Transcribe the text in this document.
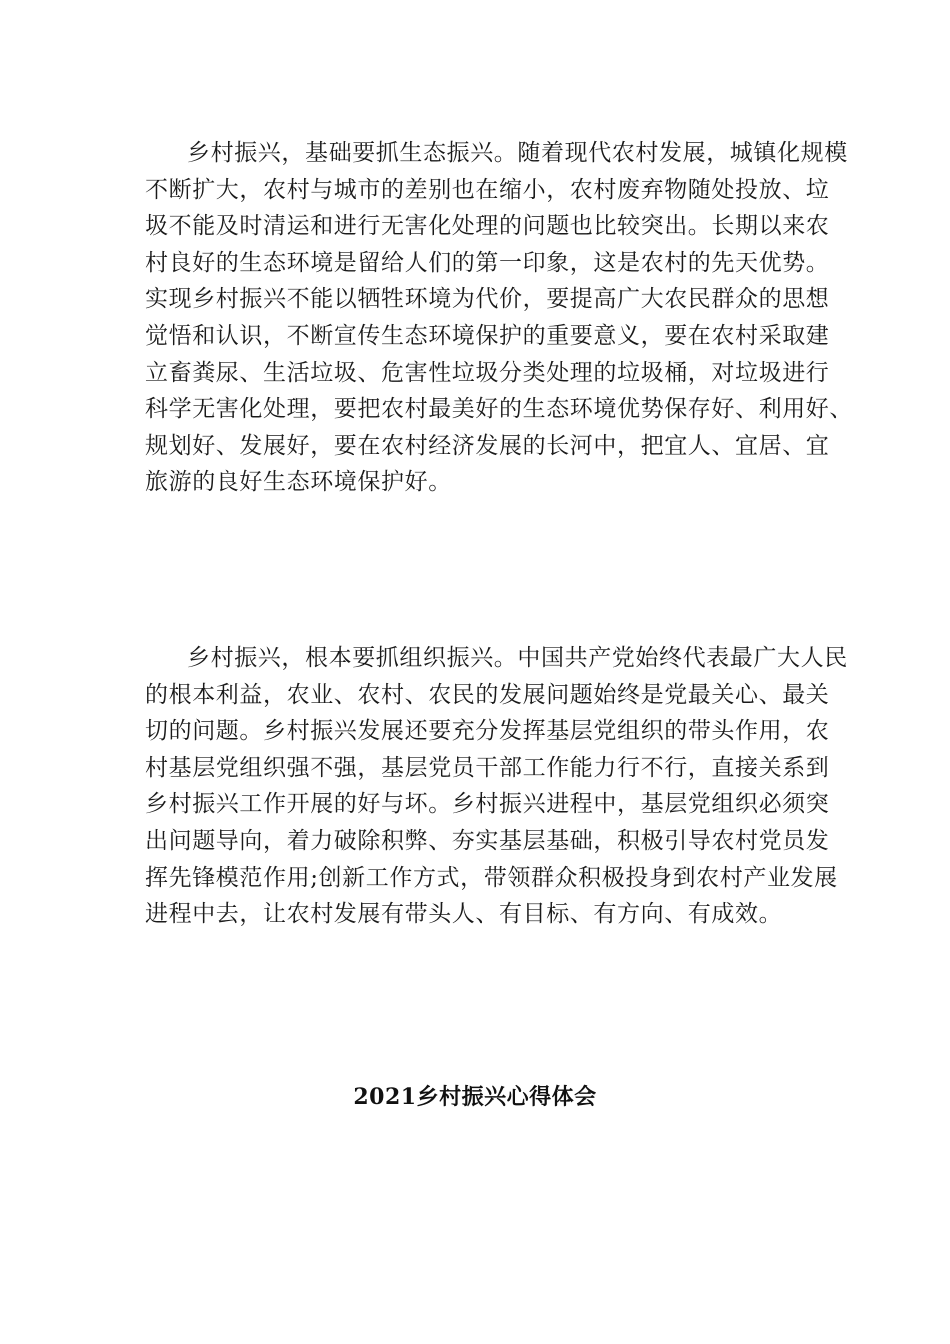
乡村振兴，基础要抓生态振兴。随着现代农村发展，城镇化规模
不断扩大，农村与城市的差别也在缩小，农村废弃物随处投放、垃
圾不能及时清运和进行无害化处理的问题也比较突出。长期以来农
村良好的生态环境是留给人们的第一印象，这是农村的先天优势。
实现乡村振兴不能以牺牲环境为代价，要提高广大农民群众的思想
觉悟和认识，不断宣传生态环境保护的重要意义，要在农村采取建
立畜粪尿、生活垃圾、危害性垃圾分类处理的垃圾桶，对垃圾进行
科学无害化处理，要把农村最美好的生态环境优势保存好、利用好、
规划好、发展好，要在农村经济发展的长河中，把宜人、宜居、宜
旅游的良好生态环境保护好。

乡村振兴，根本要抓组织振兴。中国共产党始终代表最广大人民
的根本利益，农业、农村、农民的发展问题始终是党最关心、最关
切的问题。乡村振兴发展还要充分发挥基层党组织的带头作用，农
村基层党组织强不强，基层党员干部工作能力行不行，直接关系到
乡村振兴工作开展的好与坏。乡村振兴进程中，基层党组织必须突
出问题导向，着力破除积弊、夯实基层基础，积极引导农村党员发
挥先锋模范作用;创新工作方式，带领群众积极投身到农村产业发展
进程中去，让农村发展有带头人、有目标、有方向、有成效。

2021乡村振兴心得体会
